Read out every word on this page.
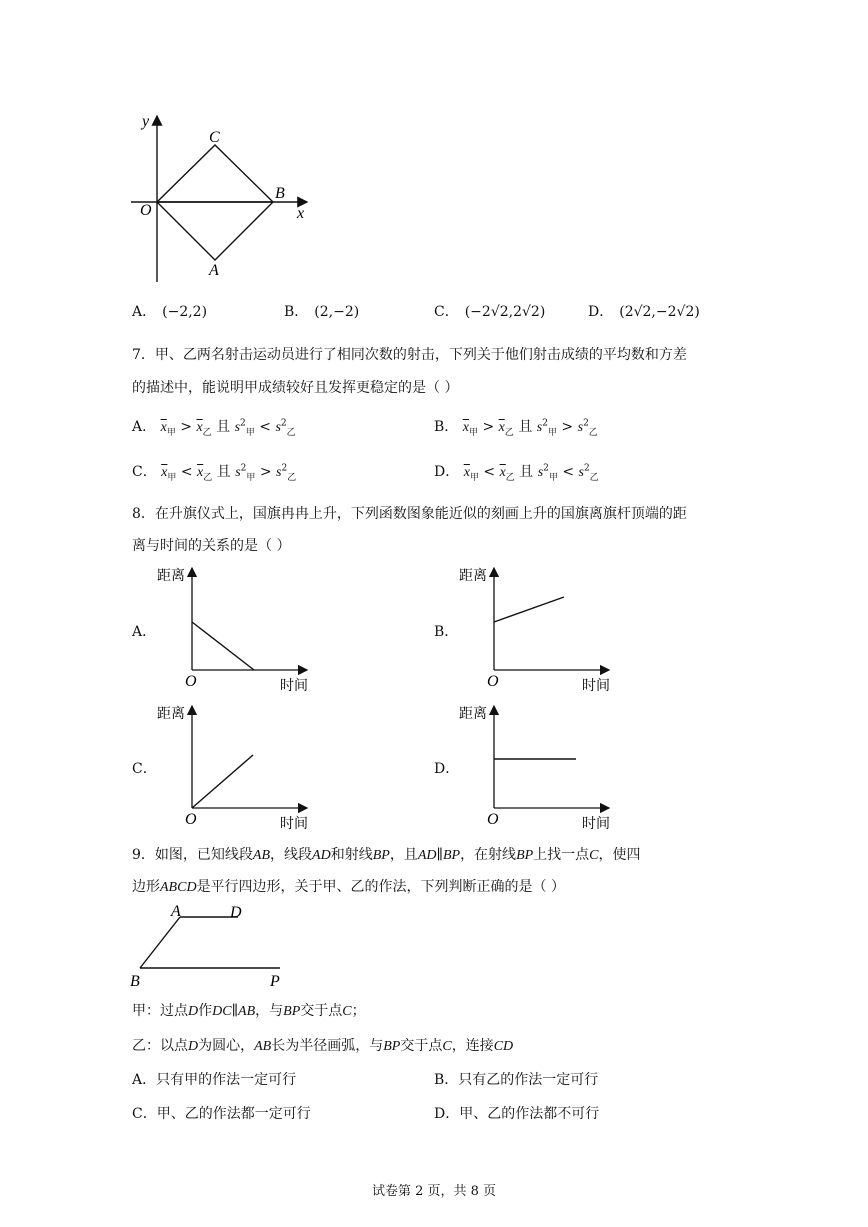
y
x
O
C
B
A
A． (−2,2)	B． (2,−2)	C． (−2√2,2√2)	D． (2√2,−2√2)
7．甲、乙两名射击运动员进行了相同次数的射击，下列关于他们射击成绩的平均数和方差
的描述中，能说明甲成绩较好且发挥更稳定的是（ ）
A． $\overline{x}_甲 > \overline{x}_乙$ 且 $s^2_甲 < s^2_乙$	B． $\overline{x}_甲 > \overline{x}_乙$ 且 $s^2_甲 > s^2_乙$
C． $\overline{x}_甲 < \overline{x}_乙$ 且 $s^2_甲 > s^2_乙$	D． $\overline{x}_甲 < \overline{x}_乙$ 且 $s^2_甲 < s^2_乙$
8．在升旗仪式上，国旗冉冉上升，下列函数图象能近似的刻画上升的国旗离旗杆顶端的距
离与时间的关系的是（ ）
A．
距离
O	时间
B．
距离
O	时间
C．
距离
O	时间
D．
距离
O	时间
9．如图，已知线段AB，线段AD和射线BP，且AD∥BP，在射线BP上找一点C，使四
边形ABCD是平行四边形，关于甲、乙的作法，下列判断正确的是（ ）
A	D
B	P
甲：过点D作DC∥AB，与BP交于点C；
乙：以点D为圆心，AB长为半径画弧，与BP交于点C，连接CD
A．只有甲的作法一定可行	B．只有乙的作法一定可行
C．甲、乙的作法都一定可行	D．甲、乙的作法都不可行
试卷第 2 页，共 8 页
